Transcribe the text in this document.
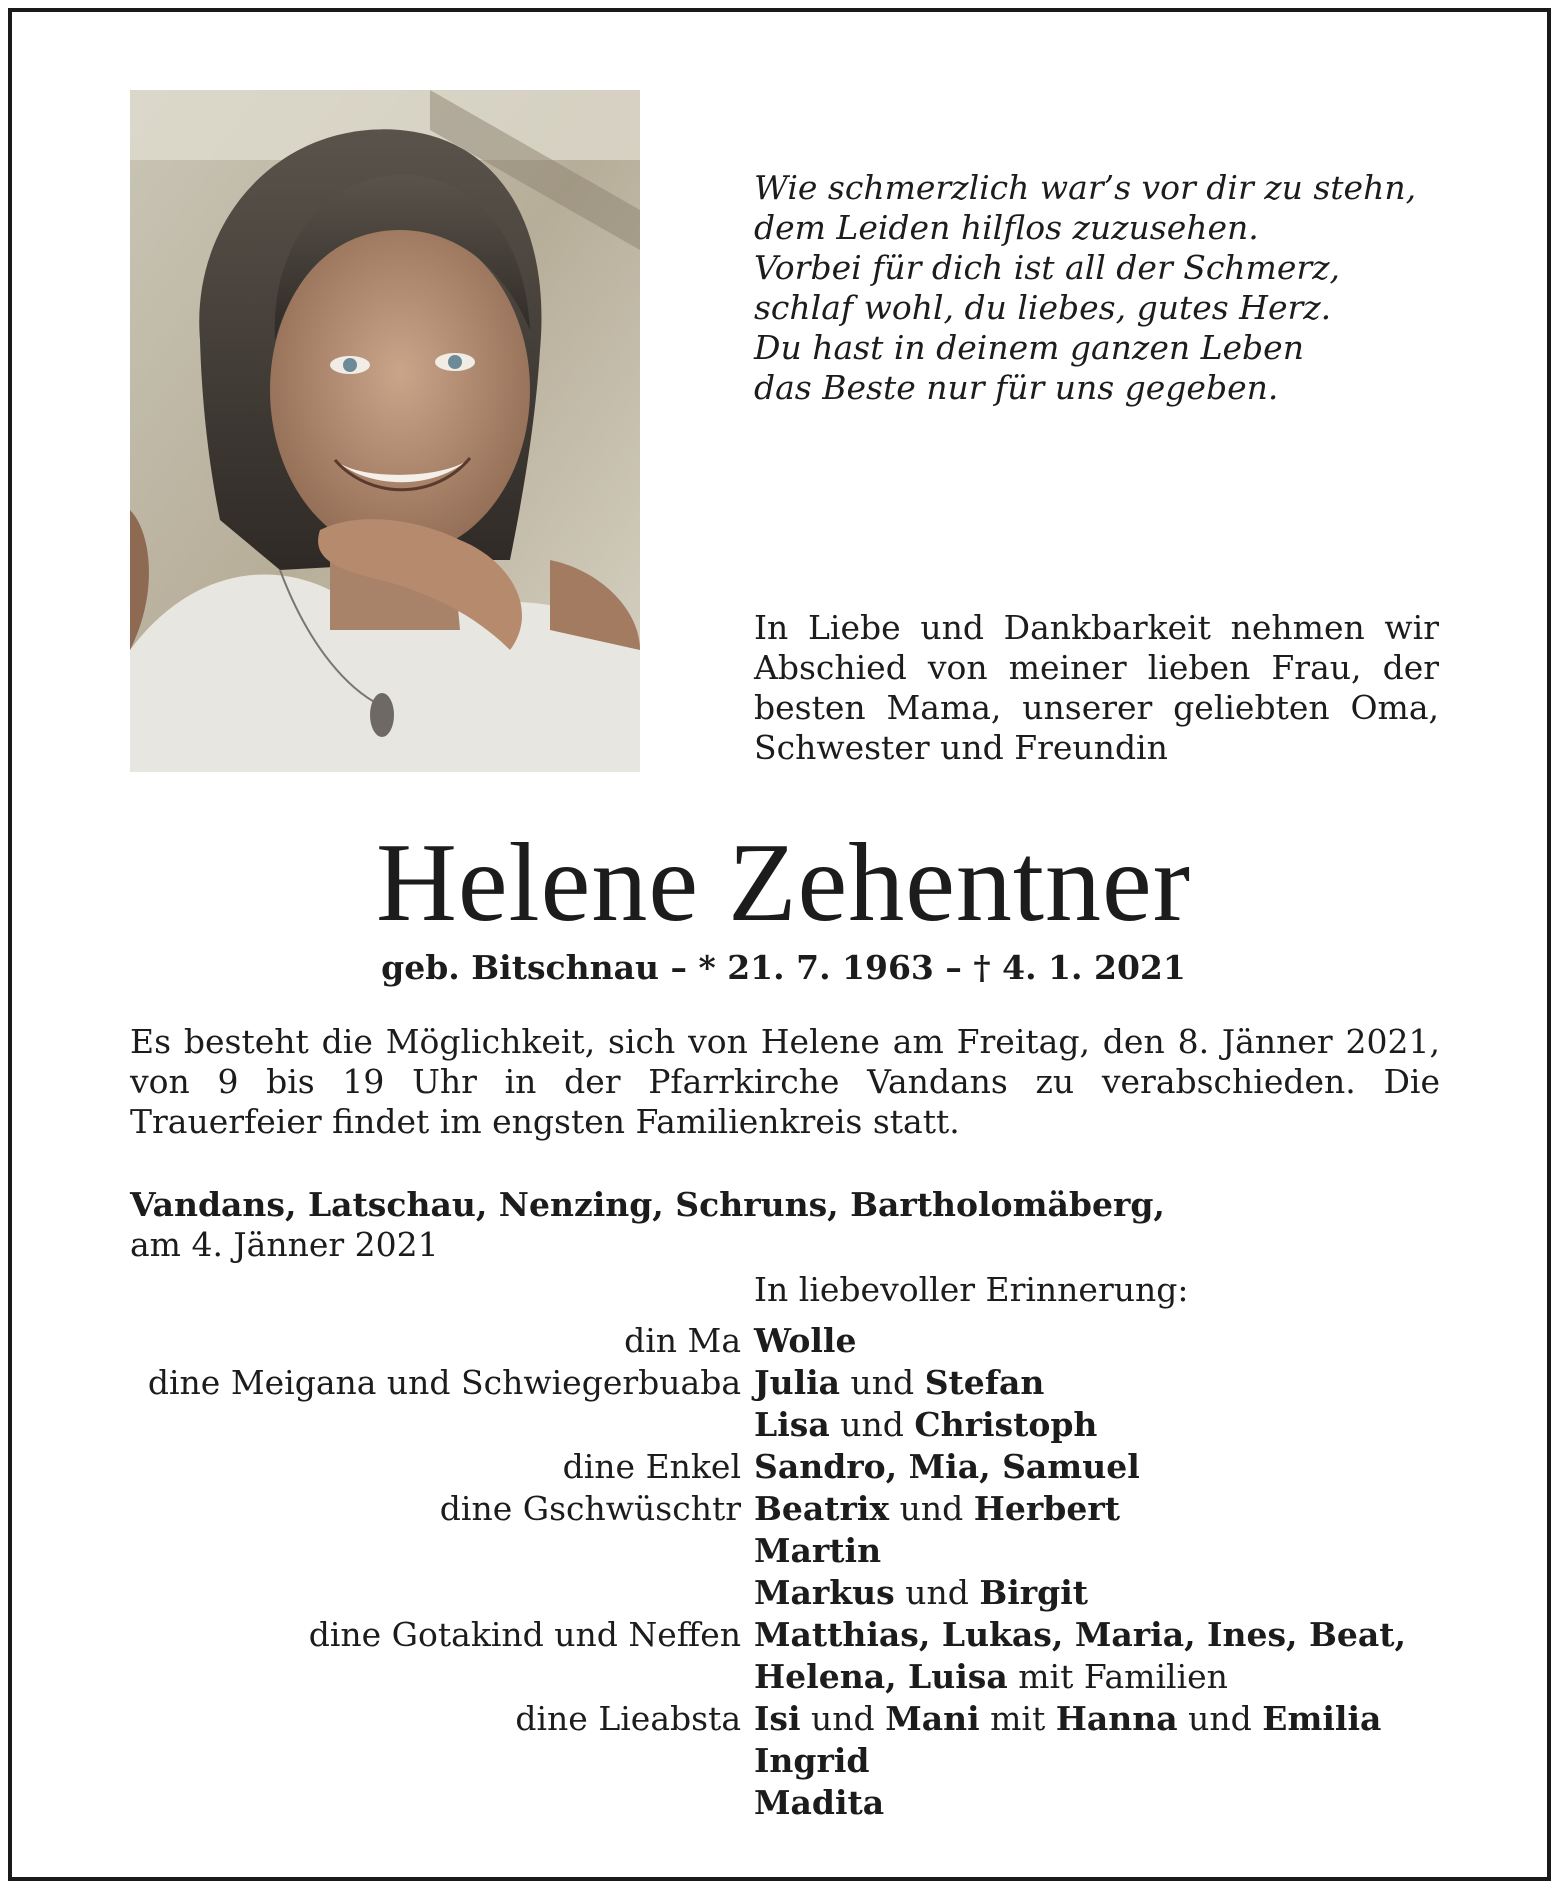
Wie schmerzlich war’s vor dir zu stehn,
dem Leiden hilflos zuzusehen.
Vorbei für dich ist all der Schmerz,
schlaf wohl, du liebes, gutes Herz.
Du hast in deinem ganzen Leben
das Beste nur für uns gegeben.
In Liebe und Dankbarkeit nehmen wir Abschied von meiner lieben Frau, der besten Mama, unserer geliebten Oma, Schwester und Freundin
Helene Zehentner
geb. Bitschnau – * 21. 7. 1963 – † 4. 1. 2021
Es besteht die Möglichkeit, sich von Helene am Freitag, den 8. Jänner 2021, von 9 bis 19 Uhr in der Pfarrkirche Vandans zu verabschieden. Die Trauerfeier findet im engsten Familienkreis statt.
Vandans, Latschau, Nenzing, Schruns, Bartholomäberg,
am 4. Jänner 2021
In liebevoller Erinnerung:
din Ma Wolle
dine Meigana und Schwiegerbuaba Julia und Stefan
Lisa und Christoph
dine Enkel Sandro, Mia, Samuel
dine Gschwüschtr Beatrix und Herbert
Martin
Markus und Birgit
dine Gotakind und Neffen Matthias, Lukas, Maria, Ines, Beat,
Helena, Luisa mit Familien
dine Lieabsta Isi und Mani mit Hanna und Emilia
Ingrid
Madita
